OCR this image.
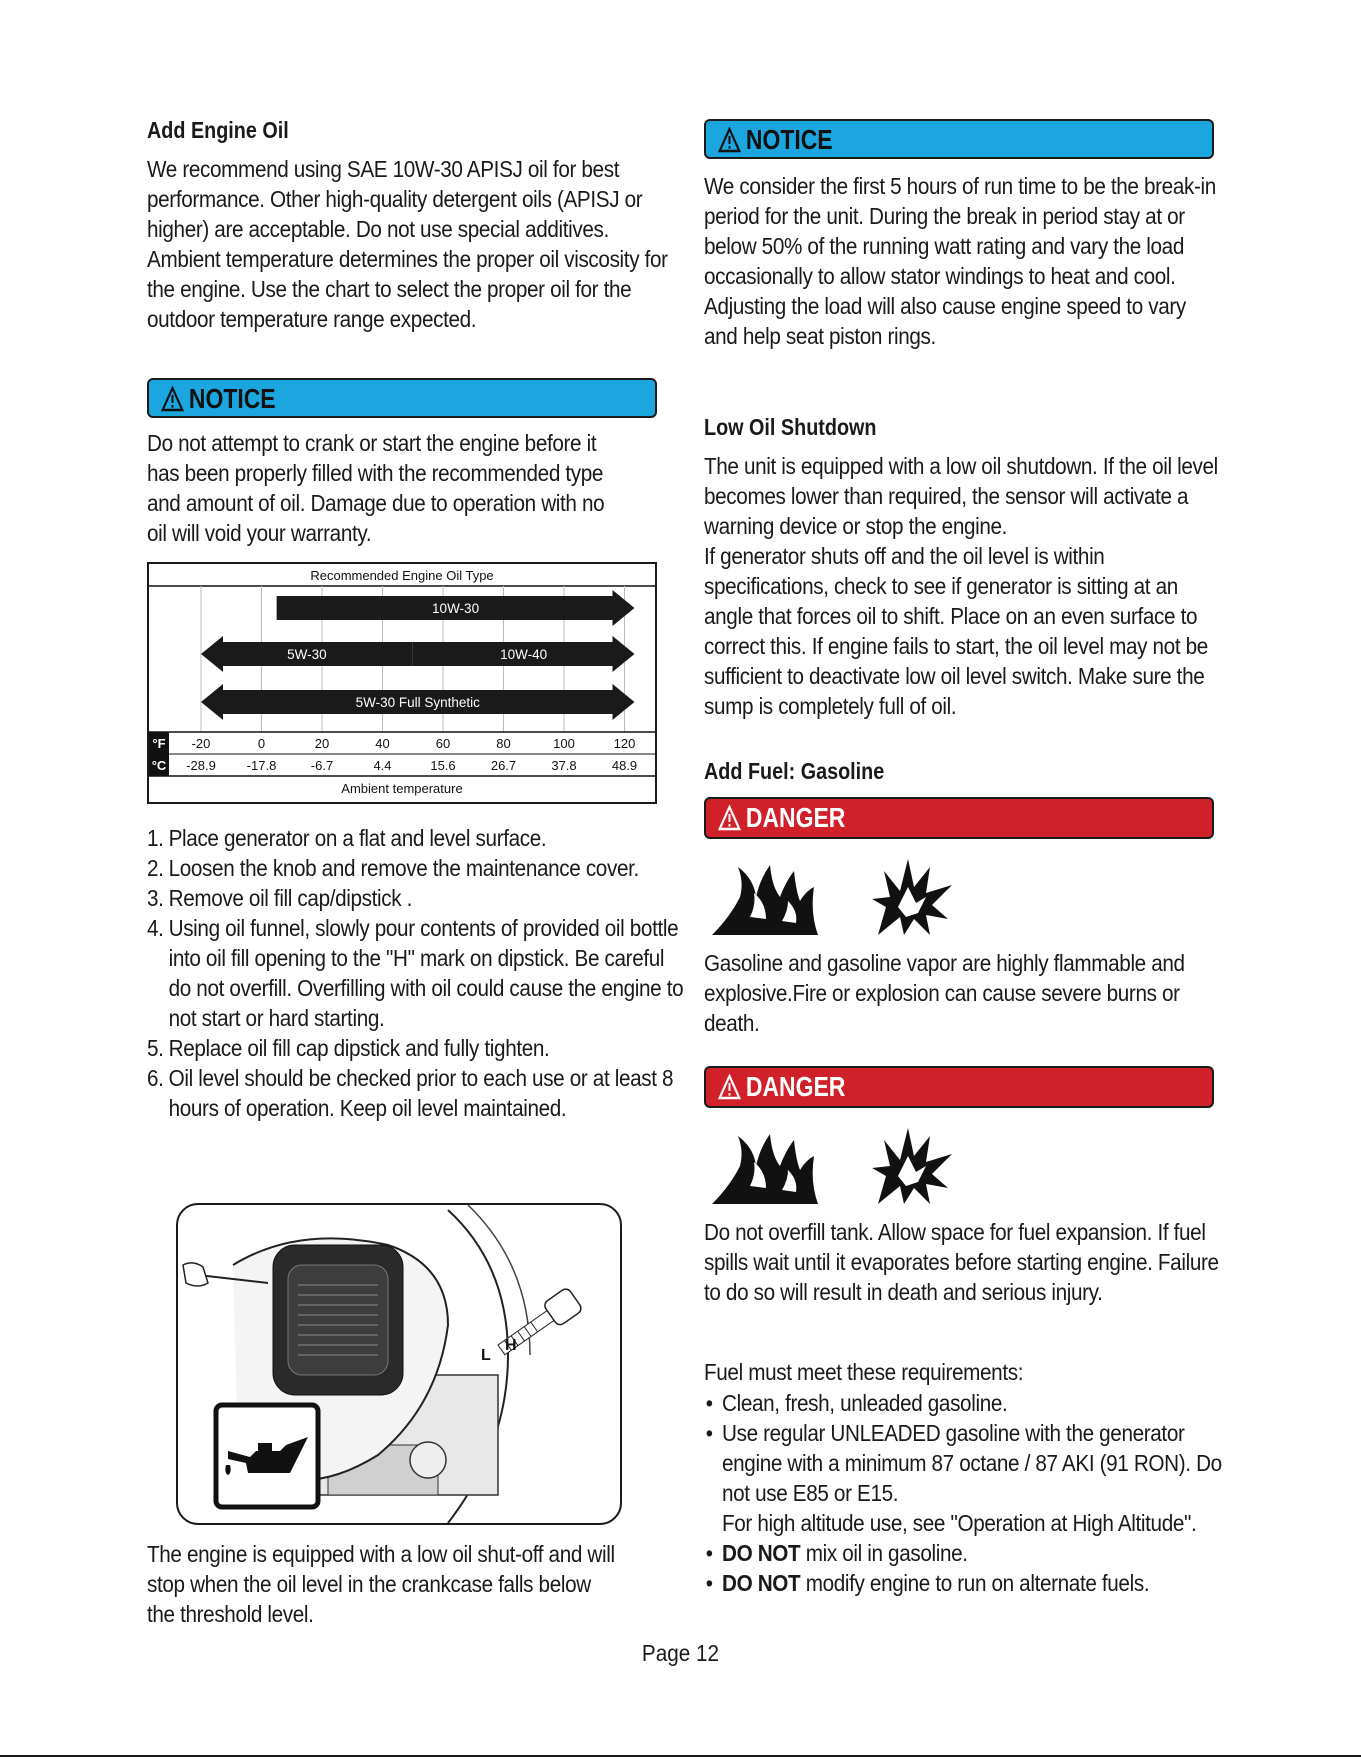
Add Engine Oil

We recommend using SAE 10W-30 APISJ oil for best performance. Other high-quality detergent oils (APISJ or higher) are acceptable. Do not use special additives. Ambient temperature determines the proper oil viscosity for the engine. Use the chart to select the proper oil for the outdoor temperature range expected.

NOTICE

Do not attempt to crank or start the engine before it has been properly filled with the recommended type and amount of oil. Damage due to operation with no oil will void your warranty.

Recommended Engine Oil Type
10W-30
5W-30	10W-40
5W-30 Full Synthetic
°F
°C
-20
-28.9
0
-17.8
20
-6.7
40
4.4
60
15.6
80
26.7
100
37.8
120
48.9
Ambient temperature
1. Place generator on a flat and level surface.
2. Loosen the knob and remove the maintenance cover.
3. Remove oil fill cap/dipstick .
4. Using oil funnel, slowly pour contents of provided oil bottle into oil fill opening to the "H" mark on dipstick. Be careful do not overfill. Overfilling with oil could cause the engine to not start or hard starting.
5. Replace oil fill cap dipstick and fully tighten.
6. Oil level should be checked prior to each use or at least 8 hours of operation. Keep oil level maintained.
L
H

The engine is equipped with a low oil shut-off and will stop when the oil level in the crankcase falls below the threshold level.

NOTICE

We consider the first 5 hours of run time to be the break-in period for the unit. During the break in period stay at or below 50% of the running watt rating and vary the load occasionally to allow stator windings to heat and cool. Adjusting the load will also cause engine speed to vary and help seat piston rings.

Low Oil Shutdown

The unit is equipped with a low oil shutdown. If the oil level becomes lower than required, the sensor will activate a warning device or stop the engine.

If generator shuts off and the oil level is within specifications, check to see if generator is sitting at an angle that forces oil to shift. Place on an even surface to correct this. If engine fails to start, the oil level may not be sufficient to deactivate low oil level switch. Make sure the sump is completely full of oil.

Add Fuel: Gasoline
DANGER

Gasoline and gasoline vapor are highly flammable and explosive.Fire or explosion can cause severe burns or death.

DANGER

Do not overfill tank. Allow space for fuel expansion. If fuel spills wait until it evaporates before starting engine. Failure to do so will result in death and serious injury.

Fuel must meet these requirements:

• Clean, fresh, unleaded gasoline.
• Use regular UNLEADED gasoline with the generator engine with a minimum 87 octane / 87 AKI (91 RON). Do not use E85 or E15.
For high altitude use, see "Operation at High Altitude".
• DO NOT mix oil in gasoline.
• DO NOT modify engine to run on alternate fuels.
Page 12
